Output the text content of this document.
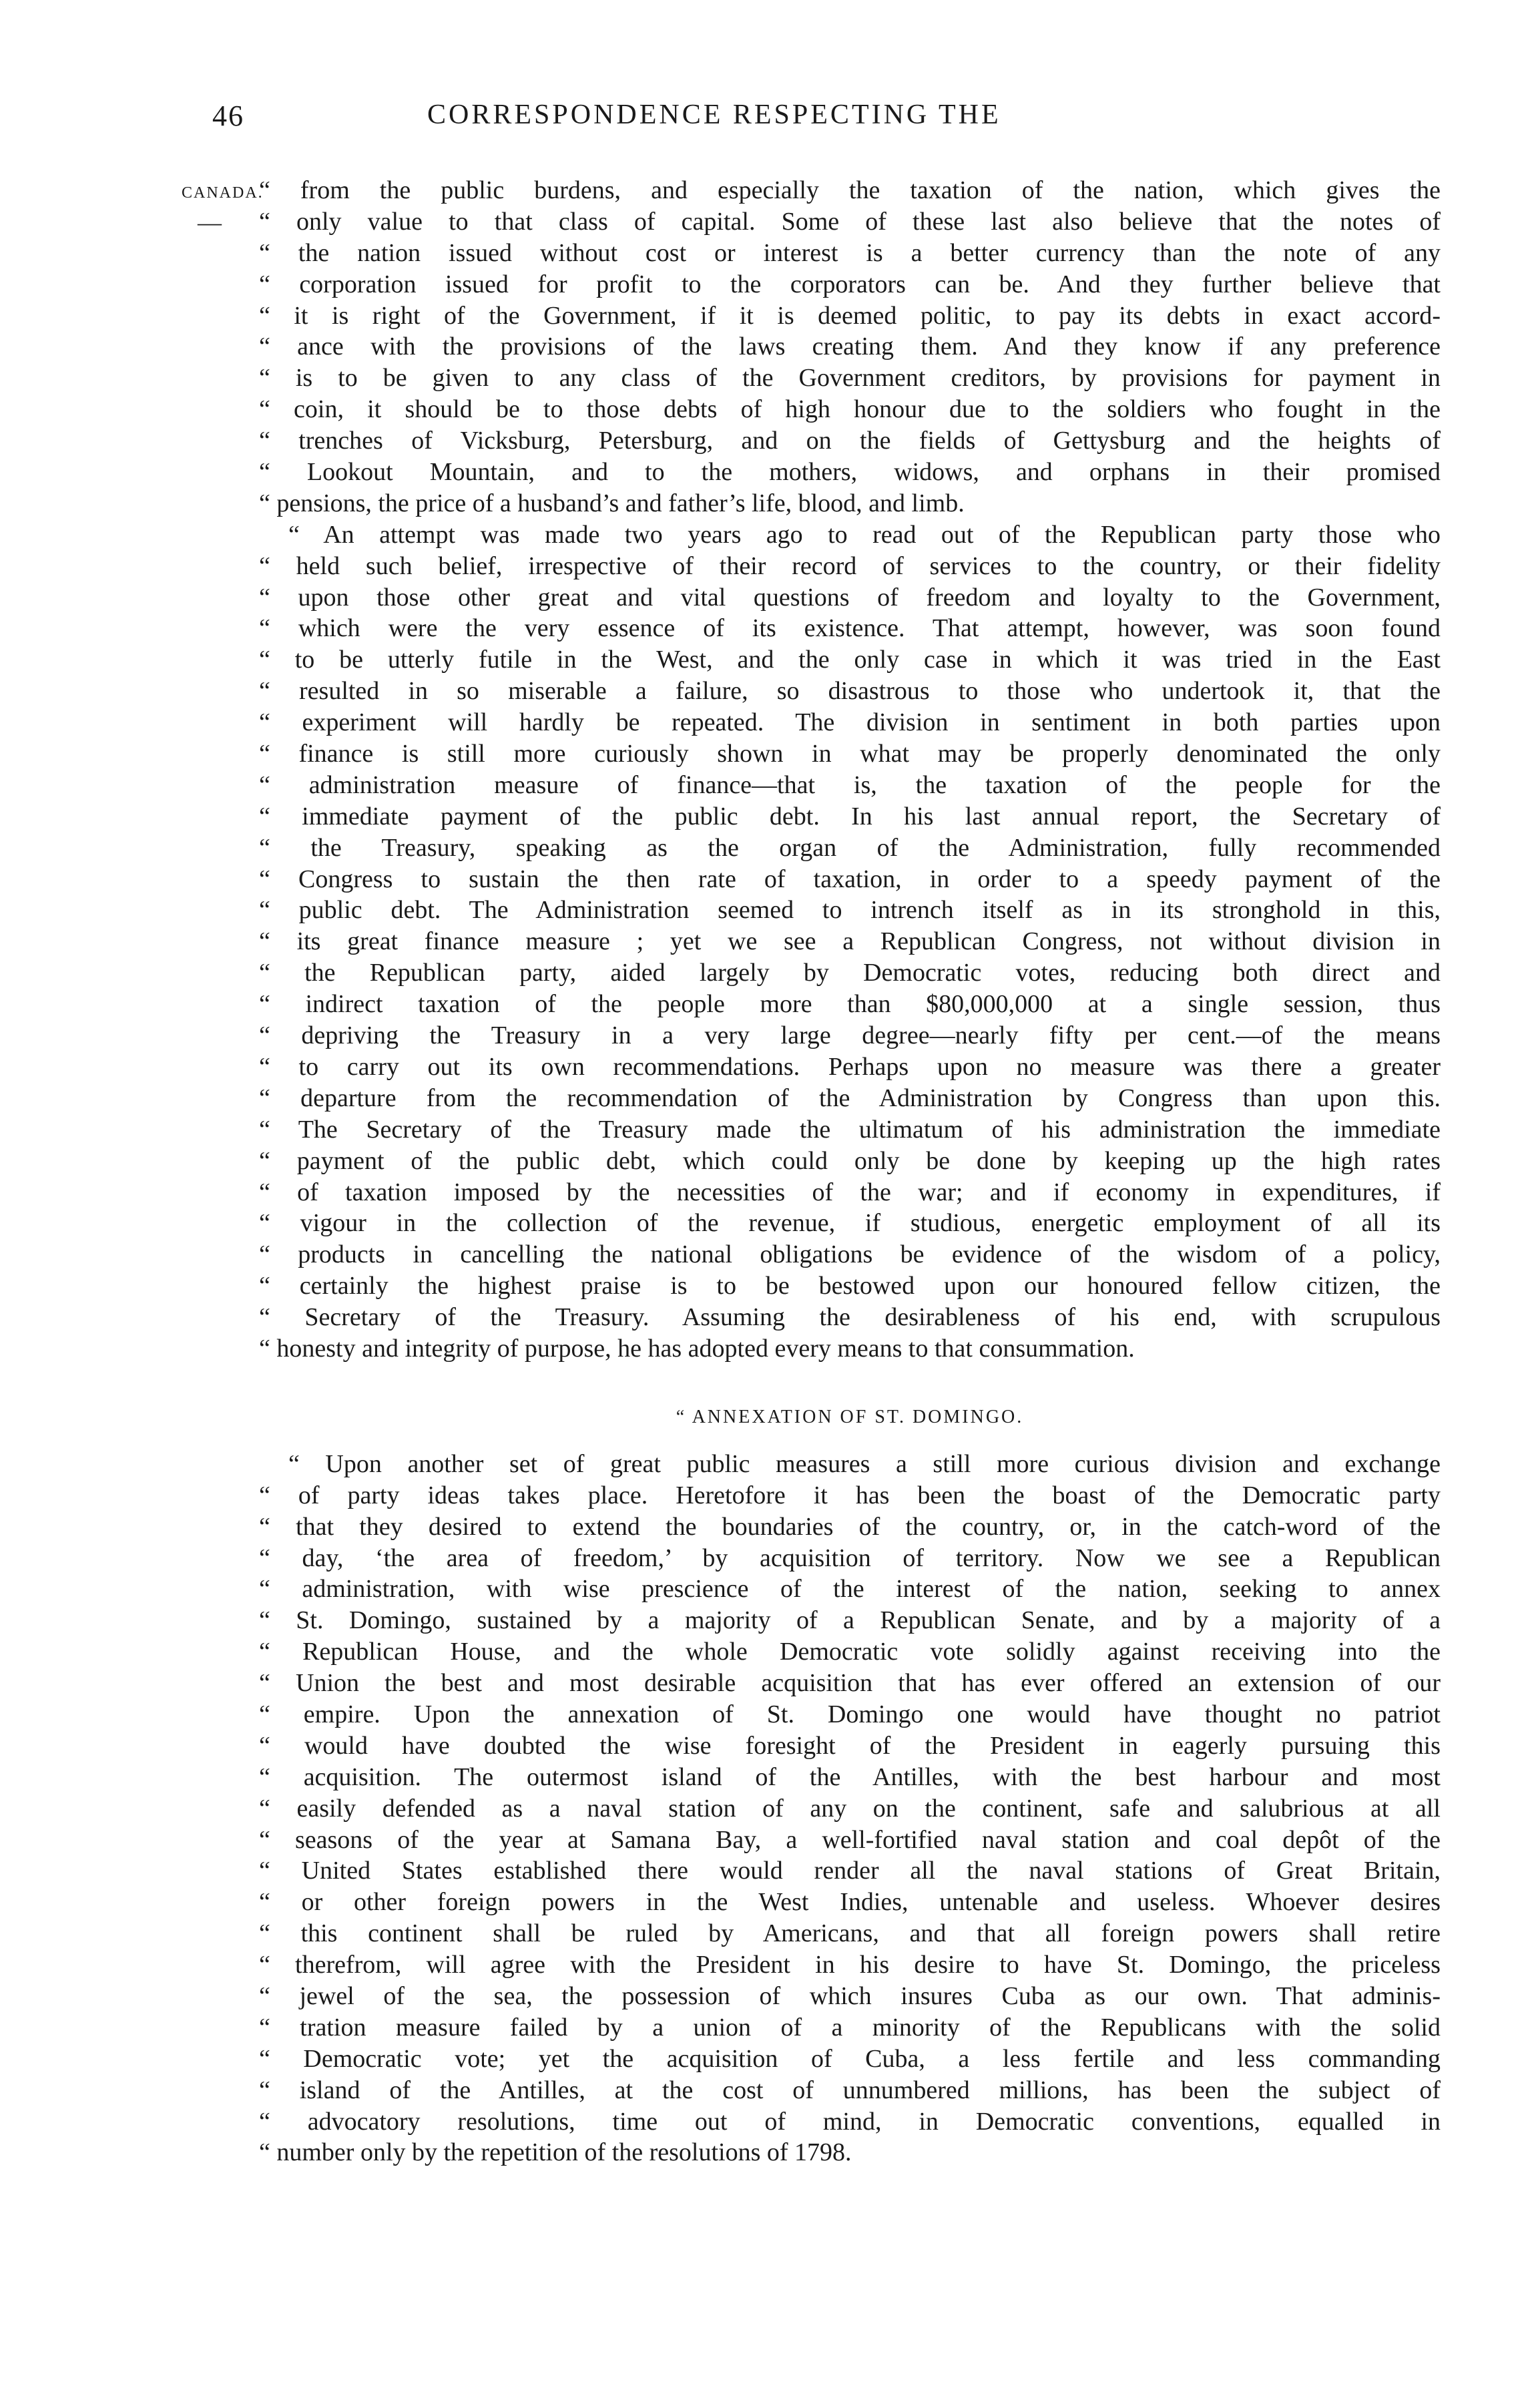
46	CORRESPONDENCE RESPECTING THE
CANADA.
—
“ from the public burdens, and especially the taxation of the nation, which gives the
“ only value to that class of capital. Some of these last also believe that the notes of
“ the nation issued without cost or interest is a better currency than the note of any
“ corporation issued for profit to the corporators can be. And they further believe that
“ it is right of the Government, if it is deemed politic, to pay its debts in exact accord-
“ ance with the provisions of the laws creating them. And they know if any preference
“ is to be given to any class of the Government creditors, by provisions for payment in
“ coin, it should be to those debts of high honour due to the soldiers who fought in the
“ trenches of Vicksburg, Petersburg, and on the fields of Gettysburg and the heights of
“ Lookout Mountain, and to the mothers, widows, and orphans in their promised
“ pensions, the price of a husband’s and father’s life, blood, and limb.
“ An attempt was made two years ago to read out of the Republican party those who
“ held such belief, irrespective of their record of services to the country, or their fidelity
“ upon those other great and vital questions of freedom and loyalty to the Government,
“ which were the very essence of its existence. That attempt, however, was soon found
“ to be utterly futile in the West, and the only case in which it was tried in the East
“ resulted in so miserable a failure, so disastrous to those who undertook it, that the
“ experiment will hardly be repeated. The division in sentiment in both parties upon
“ finance is still more curiously shown in what may be properly denominated the only
“ administration measure of finance—that is, the taxation of the people for the
“ immediate payment of the public debt. In his last annual report, the Secretary of
“ the Treasury, speaking as the organ of the Administration, fully recommended
“ Congress to sustain the then rate of taxation, in order to a speedy payment of the
“ public debt. The Administration seemed to intrench itself as in its stronghold in this,
“ its great finance measure ; yet we see a Republican Congress, not without division in
“ the Republican party, aided largely by Democratic votes, reducing both direct and
“ indirect taxation of the people more than $80,000,000 at a single session, thus
“ depriving the Treasury in a very large degree—nearly fifty per cent.—of the means
“ to carry out its own recommendations. Perhaps upon no measure was there a greater
“ departure from the recommendation of the Administration by Congress than upon this.
“ The Secretary of the Treasury made the ultimatum of his administration the immediate
“ payment of the public debt, which could only be done by keeping up the high rates
“ of taxation imposed by the necessities of the war; and if economy in expenditures, if
“ vigour in the collection of the revenue, if studious, energetic employment of all its
“ products in cancelling the national obligations be evidence of the wisdom of a policy,
“ certainly the highest praise is to be bestowed upon our honoured fellow citizen, the
“ Secretary of the Treasury. Assuming the desirableness of his end, with scrupulous
“ honesty and integrity of purpose, he has adopted every means to that consummation.
“ ANNEXATION OF ST. DOMINGO.
“ Upon another set of great public measures a still more curious division and exchange
“ of party ideas takes place. Heretofore it has been the boast of the Democratic party
“ that they desired to extend the boundaries of the country, or, in the catch-word of the
“ day, ‘the area of freedom,’ by acquisition of territory. Now we see a Republican
“ administration, with wise prescience of the interest of the nation, seeking to annex
“ St. Domingo, sustained by a majority of a Republican Senate, and by a majority of a
“ Republican House, and the whole Democratic vote solidly against receiving into the
“ Union the best and most desirable acquisition that has ever offered an extension of our
“ empire. Upon the annexation of St. Domingo one would have thought no patriot
“ would have doubted the wise foresight of the President in eagerly pursuing this
“ acquisition. The outermost island of the Antilles, with the best harbour and most
“ easily defended as a naval station of any on the continent, safe and salubrious at all
“ seasons of the year at Samana Bay, a well-fortified naval station and coal depôt of the
“ United States established there would render all the naval stations of Great Britain,
“ or other foreign powers in the West Indies, untenable and useless. Whoever desires
“ this continent shall be ruled by Americans, and that all foreign powers shall retire
“ therefrom, will agree with the President in his desire to have St. Domingo, the priceless
“ jewel of the sea, the possession of which insures Cuba as our own. That adminis-
“ tration measure failed by a union of a minority of the Republicans with the solid
“ Democratic vote; yet the acquisition of Cuba, a less fertile and less commanding
“ island of the Antilles, at the cost of unnumbered millions, has been the subject of
“ advocatory resolutions, time out of mind, in Democratic conventions, equalled in
“ number only by the repetition of the resolutions of 1798.
